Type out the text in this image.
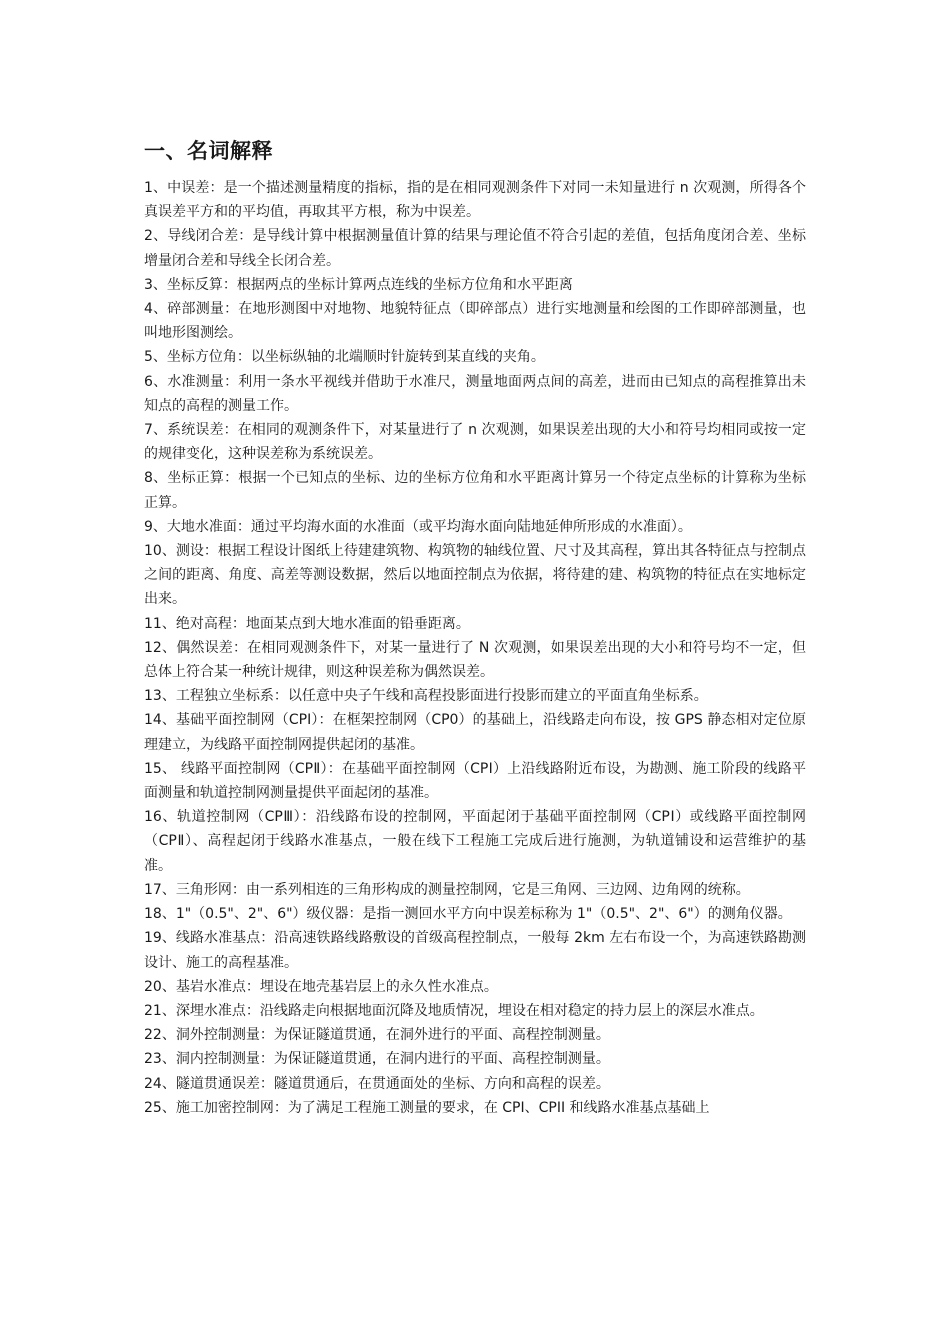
一、名词解释

1、中误差：是一个描述测量精度的指标，指的是在相同观测条件下对同一未知量进行 n 次观测，所得各个真误差平方和的平均值，再取其平方根，称为中误差。

2、导线闭合差：是导线计算中根据测量值计算的结果与理论值不符合引起的差值，包括角度闭合差、坐标增量闭合差和导线全长闭合差。

3、坐标反算：根据两点的坐标计算两点连线的坐标方位角和水平距离

4、碎部测量：在地形测图中对地物、地貌特征点（即碎部点）进行实地测量和绘图的工作即碎部测量，也叫地形图测绘。

5、坐标方位角：以坐标纵轴的北端顺时针旋转到某直线的夹角。

6、水准测量：利用一条水平视线并借助于水准尺，测量地面两点间的高差，进而由已知点的高程推算出未知点的高程的测量工作。

7、系统误差：在相同的观测条件下，对某量进行了 n 次观测，如果误差出现的大小和符号均相同或按一定的规律变化，这种误差称为系统误差。

8、坐标正算：根据一个已知点的坐标、边的坐标方位角和水平距离计算另一个待定点坐标的计算称为坐标正算。

9、大地水准面：通过平均海水面的水准面（或平均海水面向陆地延伸所形成的水准面）。

10、测设：根据工程设计图纸上待建建筑物、构筑物的轴线位置、尺寸及其高程，算出其各特征点与控制点之间的距离、角度、高差等测设数据，然后以地面控制点为依据，将待建的建、构筑物的特征点在实地标定出来。

11、绝对高程：地面某点到大地水准面的铅垂距离。

12、偶然误差：在相同观测条件下，对某一量进行了 N 次观测，如果误差出现的大小和符号均不一定，但总体上符合某一种统计规律，则这种误差称为偶然误差。

13、工程独立坐标系：以任意中央子午线和高程投影面进行投影而建立的平面直角坐标系。

14、基础平面控制网（CPⅠ）：在框架控制网（CP0）的基础上，沿线路走向布设，按 GPS 静态相对定位原理建立，为线路平面控制网提供起闭的基准。

15、 线路平面控制网（CPⅡ）：在基础平面控制网（CPⅠ）上沿线路附近布设，为勘测、施工阶段的线路平面测量和轨道控制网测量提供平面起闭的基准。

16、轨道控制网（CPⅢ）：沿线路布设的控制网，平面起闭于基础平面控制网（CPⅠ）或线路平面控制网（CPⅡ）、高程起闭于线路水准基点，一般在线下工程施工完成后进行施测，为轨道铺设和运营维护的基准。

17、三角形网：由一系列相连的三角形构成的测量控制网，它是三角网、三边网、边角网的统称。

18、1"（0.5"、2"、6"）级仪器：是指一测回水平方向中误差标称为 1"（0.5"、2"、6"）的测角仪器。

19、线路水准基点：沿高速铁路线路敷设的首级高程控制点，一般每 2km 左右布设一个，为高速铁路勘测设计、施工的高程基准。

20、基岩水准点：埋设在地壳基岩层上的永久性水准点。

21、深埋水准点：沿线路走向根据地面沉降及地质情况，埋设在相对稳定的持力层上的深层水准点。

22、洞外控制测量：为保证隧道贯通，在洞外进行的平面、高程控制测量。

23、洞内控制测量：为保证隧道贯通，在洞内进行的平面、高程控制测量。

24、隧道贯通误差：隧道贯通后，在贯通面处的坐标、方向和高程的误差。

25、施工加密控制网：为了满足工程施工测量的要求，在 CPI、CPII 和线路水准基点基础上
